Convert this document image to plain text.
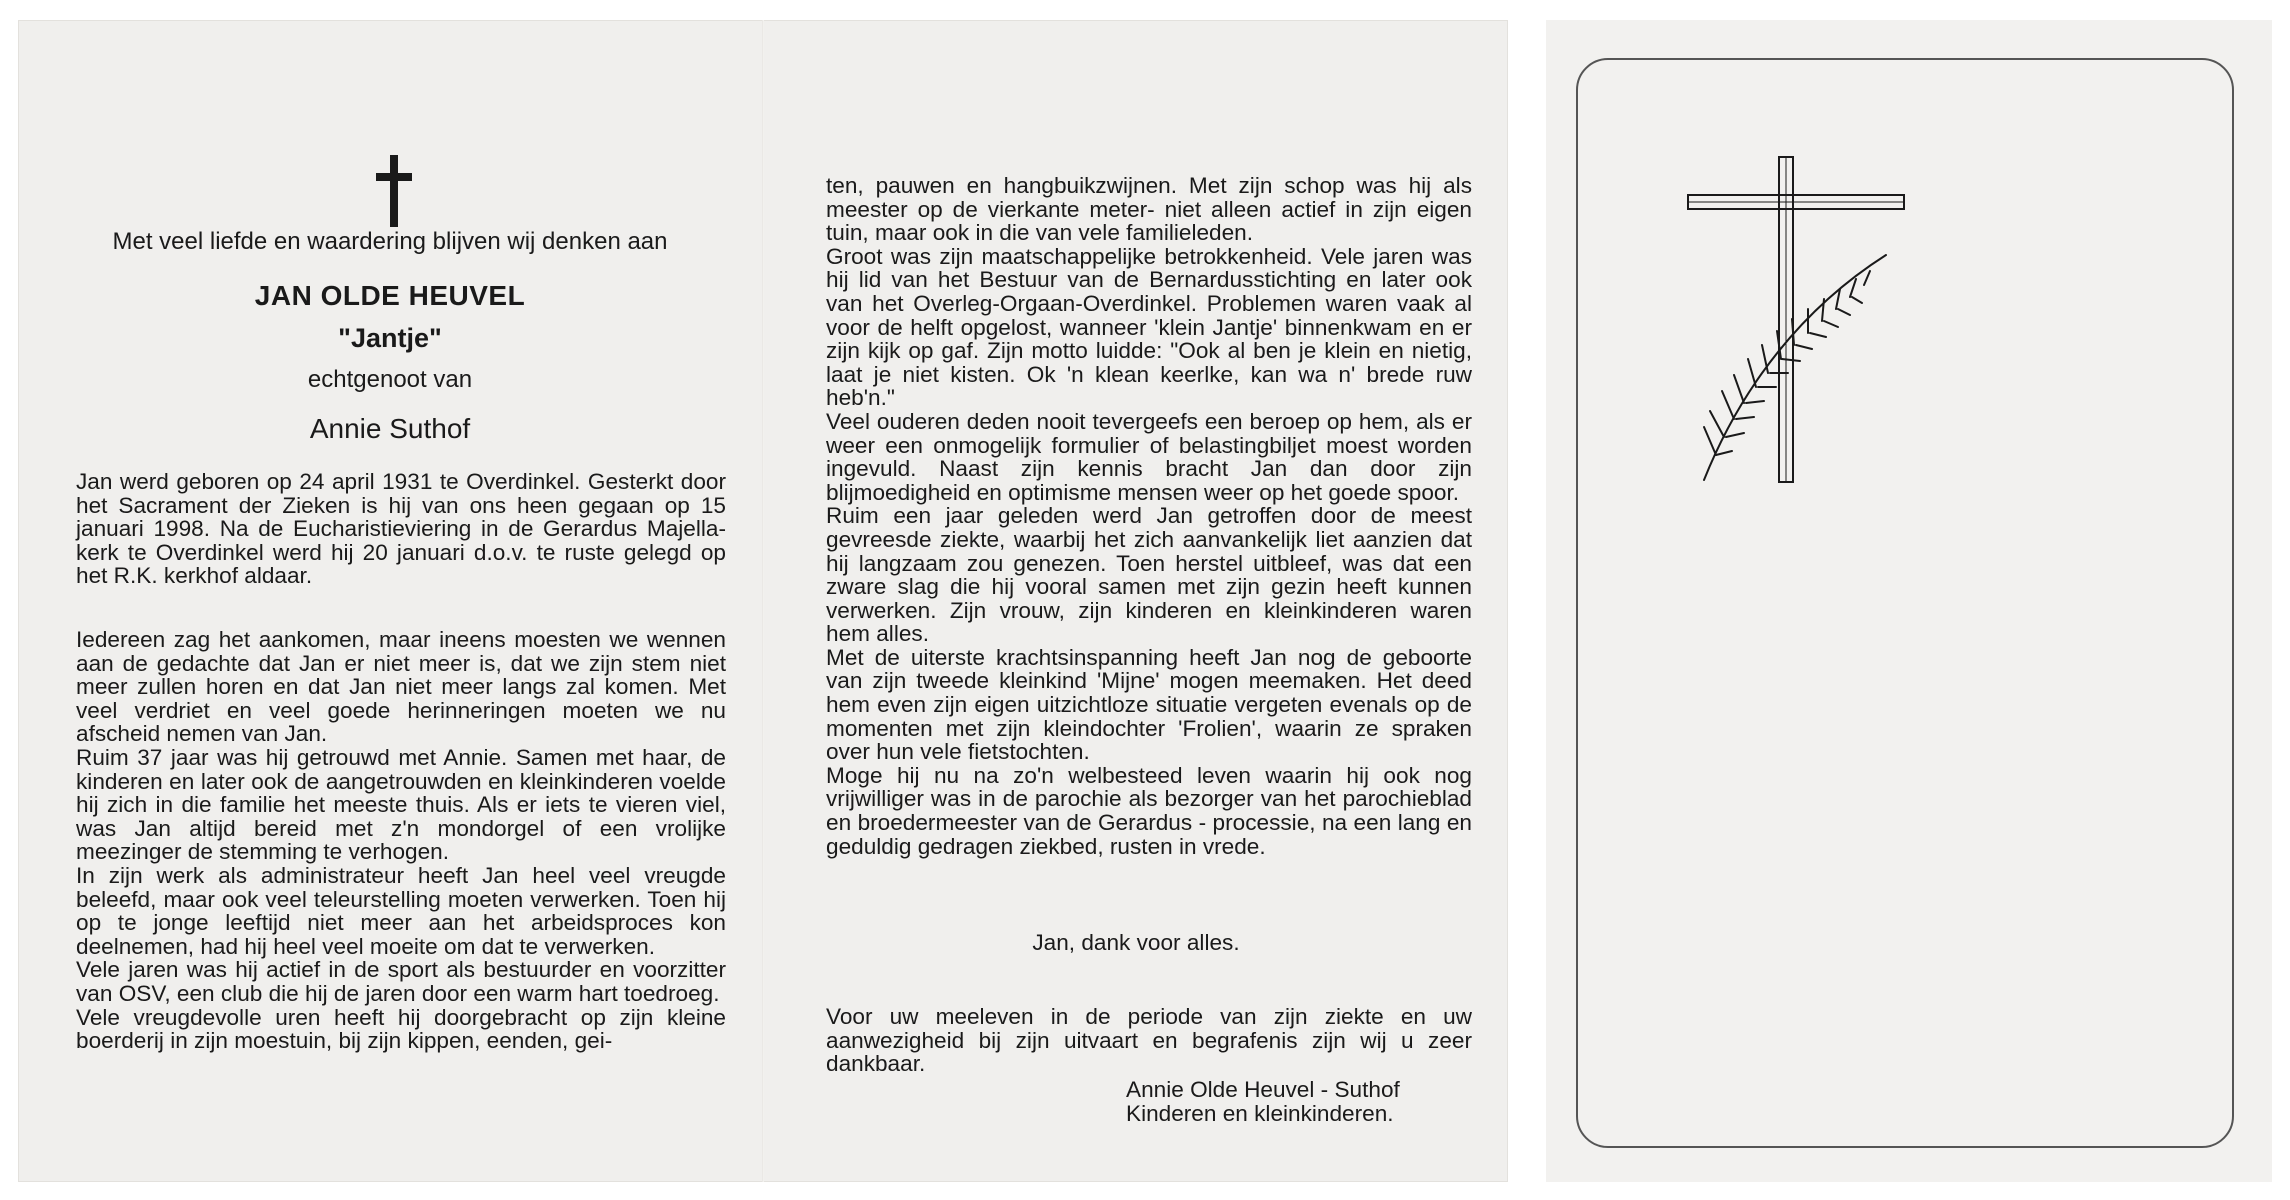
Met veel liefde en waardering blijven wij denken aan
JAN OLDE HEUVEL
"Jantje"
echtgenoot van
Annie Suthof

Jan werd geboren op 24 april 1931 te Overdinkel. Gesterkt door het Sacrament der Zieken is hij van ons heen gegaan op 15 januari 1998. Na de Eucharistieviering in de Gerardus Majella-kerk te Overdinkel werd hij 20 januari d.o.v. te ruste gelegd op het R.K. kerkhof aldaar.

Iedereen zag het aankomen, maar ineens moesten we wennen aan de gedachte dat Jan er niet meer is, dat we zijn stem niet meer zullen horen en dat Jan niet meer langs zal komen. Met veel verdriet en veel goede herinneringen moeten we nu afscheid nemen van Jan.

Ruim 37 jaar was hij getrouwd met Annie. Samen met haar, de kinderen en later ook de aangetrouwden en kleinkinderen voelde hij zich in die familie het meeste thuis. Als er iets te vieren viel, was Jan altijd bereid met z'n mondorgel of een vrolijke meezinger de stemming te verhogen.

In zijn werk als administrateur heeft Jan heel veel vreugde beleefd, maar ook veel teleurstelling moeten verwerken. Toen hij op te jonge leeftijd niet meer aan het arbeidsproces kon deelnemen, had hij heel veel moeite om dat te verwerken.

Vele jaren was hij actief in de sport als bestuurder en voorzitter van OSV, een club die hij de jaren door een warm hart toedroeg.

Vele vreugdevolle uren heeft hij doorgebracht op zijn kleine boerderij in zijn moestuin, bij zijn kippen, eenden, gei-

ten, pauwen en hangbuikzwijnen. Met zijn schop was hij als meester op de vierkante meter- niet alleen actief in zijn eigen tuin, maar ook in die van vele familieleden.

Groot was zijn maatschappelijke betrokkenheid. Vele jaren was hij lid van het Bestuur van de Bernardusstichting en later ook van het Overleg-Orgaan-Overdinkel. Problemen waren vaak al voor de helft opgelost, wanneer 'klein Jantje' binnenkwam en er zijn kijk op gaf. Zijn motto luidde: "Ook al ben je klein en nietig, laat je niet kisten. Ok 'n klean keerlke, kan wa n' brede ruw heb'n."

Veel ouderen deden nooit tevergeefs een beroep op hem, als er weer een onmogelijk formulier of belastingbiljet moest worden ingevuld. Naast zijn kennis bracht Jan dan door zijn blijmoedigheid en optimisme mensen weer op het goede spoor.

Ruim een jaar geleden werd Jan getroffen door de meest gevreesde ziekte, waarbij het zich aanvankelijk liet aanzien dat hij langzaam zou genezen. Toen herstel uitbleef, was dat een zware slag die hij vooral samen met zijn gezin heeft kunnen verwerken. Zijn vrouw, zijn kinderen en kleinkinderen waren hem alles.

Met de uiterste krachtsinspanning heeft Jan nog de geboorte van zijn tweede kleinkind 'Mijne' mogen meemaken. Het deed hem even zijn eigen uitzichtloze situatie vergeten evenals op de momenten met zijn kleindochter 'Frolien', waarin ze spraken over hun vele fietstochten.

Moge hij nu na zo'n welbesteed leven waarin hij ook nog vrijwilliger was in de parochie als bezorger van het parochieblad en broedermeester van de Gerardus - processie, na een lang en geduldig gedragen ziekbed, rusten in vrede.

Jan, dank voor alles.

Voor uw meeleven in de periode van zijn ziekte en uw aanwezigheid bij zijn uitvaart en begrafenis zijn wij u zeer dankbaar.

Annie Olde Heuvel - Suthof
Kinderen en kleinkinderen.
